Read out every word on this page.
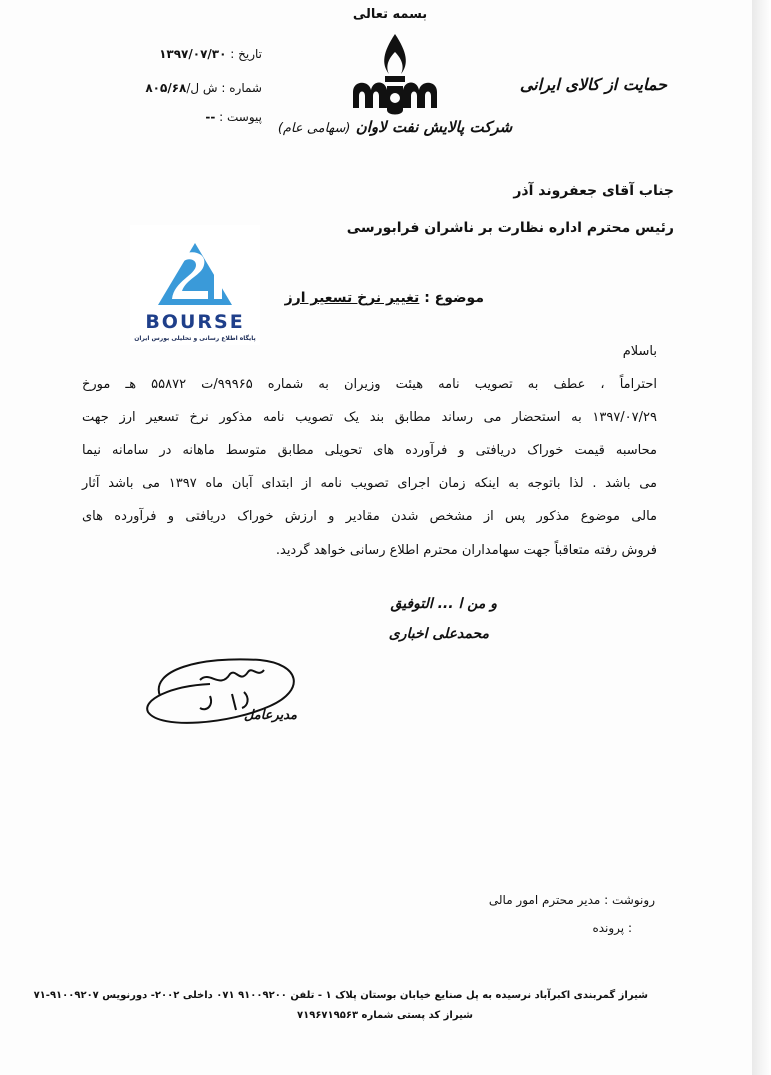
بسمه تعالی
شرکت پالایش نفت لاوان (سهامی عام)
حمایت از کالای ایرانی
تاریخ : ۱۳۹۷/۰۷/۳۰
شماره : ش ل/۸۰۵/۶۸
پیوست : --
جناب آقای جعفروند آذر
رئیس محترم اداره نظارت بر ناشران فرابورسی
BOURSE
پایگاه اطلاع رسانی و تحلیلی بورس ایران
موضوع : تغییر نرخ تسعیر ارز
باسلام
احتراماً ، عطف به تصویب نامه هیئت وزیران به شماره ۹۹۹۶۵/ت ۵۵۸۷۲ هـ مورخ
۱۳۹۷/۰۷/۲۹ به استحضار می رساند مطابق بند یک تصویب نامه مذکور نرخ تسعیر ارز جهت
محاسبه قیمت خوراک دریافتی و فرآورده های تحویلی مطابق متوسط ماهانه در سامانه نیما
می باشد . لذا باتوجه به اینکه زمان اجرای تصویب نامه از ابتدای آبان ماه ۱۳۹۷ می باشد آثار
مالی موضوع مذکور پس از مشخص شدن مقادیر و ارزش خوراک دریافتی و فرآورده های
فروش رفته متعاقباً جهت سهامداران محترم اطلاع رسانی خواهد گردید.
و من ا ... التوفیق
محمدعلی اخباری
مدیرعامل
رونوشت : مدیر محترم امور مالی
: پرونده
شیراز گمربندی اکبرآباد نرسیده به پل صنایع خیابان بوستان پلاک ۱ - تلفن ۹۱۰۰۹۲۰۰ ۰۷۱ داخلی ۲۰۰۲- دورنویس ۹۱۰۰۹۲۰۷-۷۱
شیراز کد پستی شماره ۷۱۹۶۷۱۹۵۶۳
